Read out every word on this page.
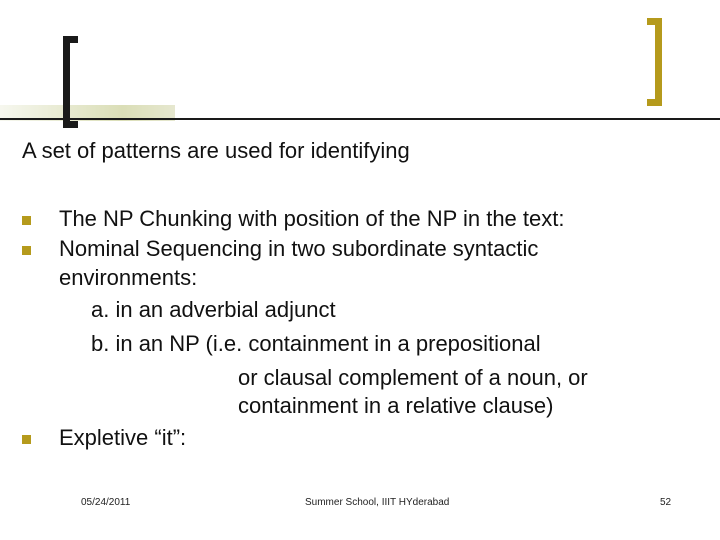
A set of patterns are used for identifying
The NP Chunking with position of the NP in the text:
Nominal Sequencing in two subordinate syntactic
environments:
a. in an adverbial adjunct
b. in an NP (i.e. containment in a prepositional
or clausal complement of a noun, or
containment in a relative clause)
Expletive “it”:
05/24/2011	Summer School, IIIT HYderabad	52
